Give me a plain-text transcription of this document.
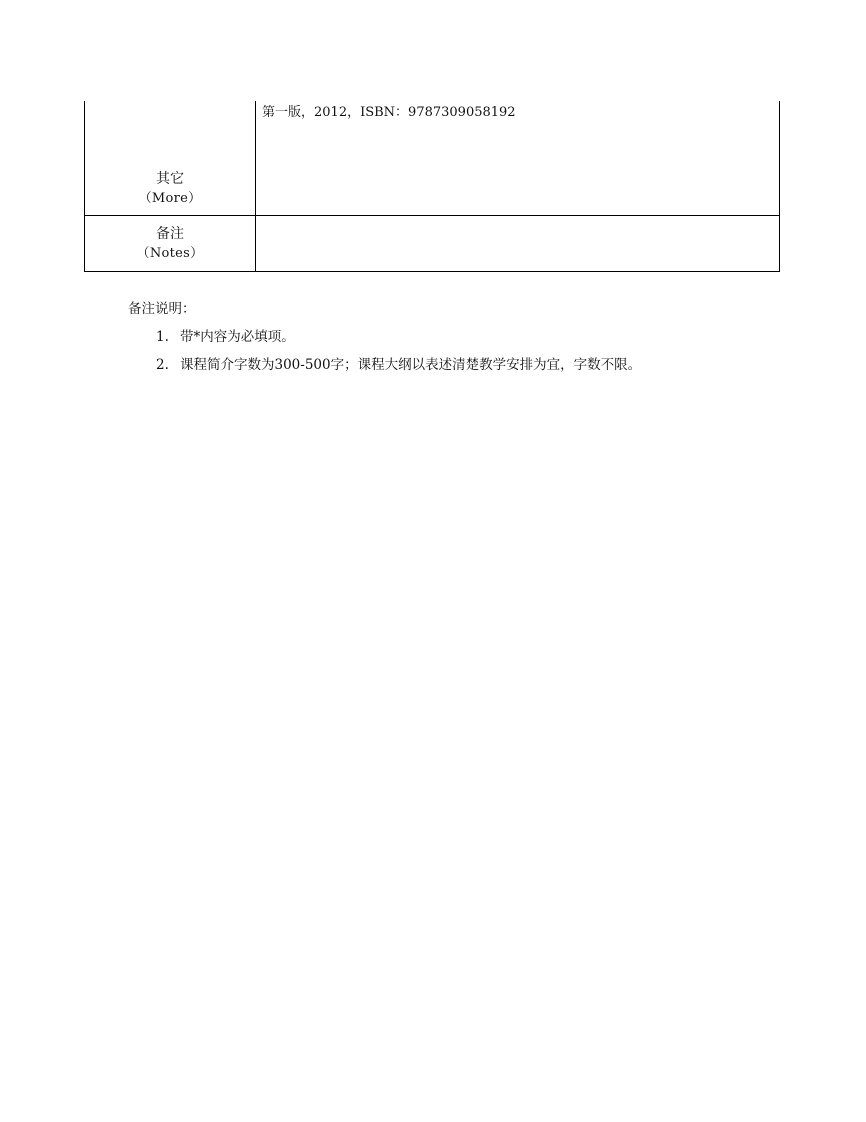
其它
（More）	第一版，2012，ISBN：9787309058192

备注
（Notes）	

备注说明：
1. 带*内容为必填项。
2. 课程简介字数为300-500字；课程大纲以表述清楚教学安排为宜，字数不限。
